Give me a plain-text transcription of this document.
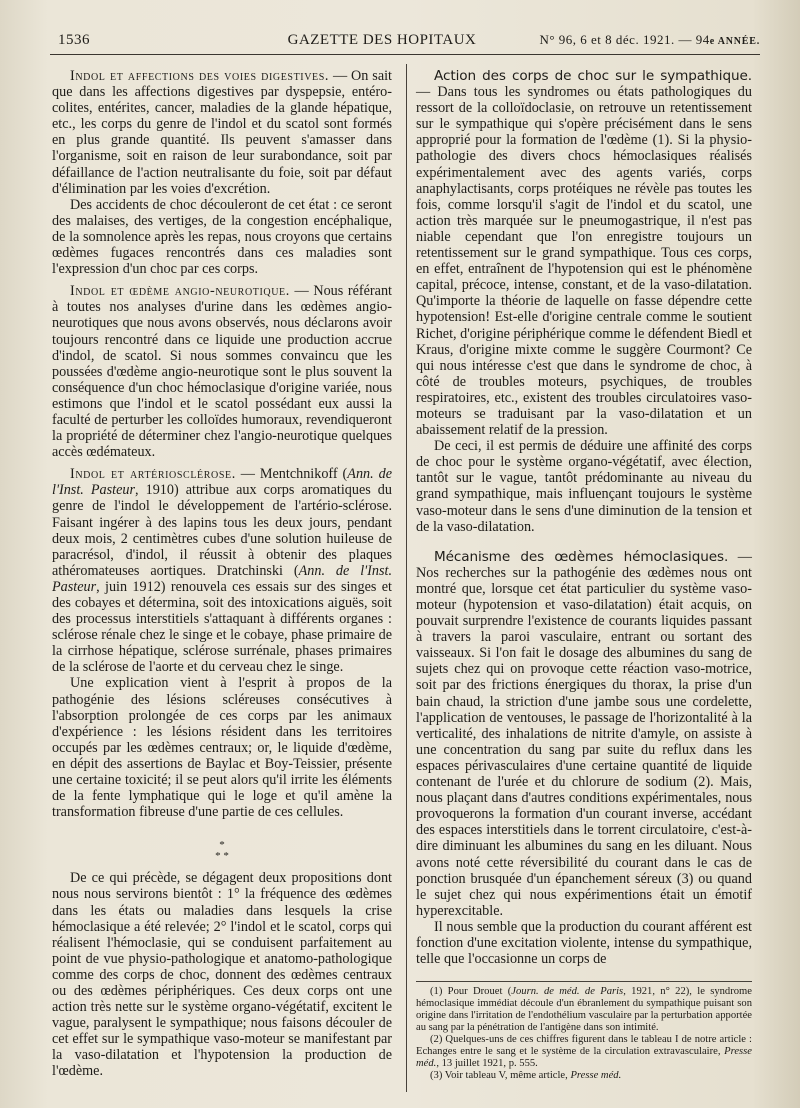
1536	GAZETTE DES HOPITAUX	N° 96, 6 et 8 déc. 1921. — 94e ANNÉE.

Indol et affections des voies digestives. — On sait que dans les affections digestives par dyspepsie, entéro-colites, entérites, cancer, maladies de la glande hépatique, etc., les corps du genre de l'indol et du scatol sont formés en plus grande quantité. Ils peuvent s'amasser dans l'organisme, soit en raison de leur surabondance, soit par défaillance de l'action neutralisante du foie, soit par défaut d'élimination par les voies d'excrétion.

Des accidents de choc découleront de cet état : ce seront des malaises, des vertiges, de la congestion encéphalique, de la somnolence après les repas, nous croyons que certains œdèmes fugaces rencontrés dans ces maladies sont l'expression d'un choc par ces corps.

Indol et œdème angio-neurotique. — Nous référant à toutes nos analyses d'urine dans les œdèmes angio-neurotiques que nous avons observés, nous déclarons avoir toujours rencontré dans ce liquide une production accrue d'indol, de scatol. Si nous sommes convaincu que les poussées d'œdème angio-neurotique sont le plus souvent la conséquence d'un choc hémoclasique d'origine variée, nous estimons que l'indol et le scatol possédant eux aussi la faculté de perturber les colloïdes humoraux, revendiqueront la propriété de déterminer chez l'angio-neurotique quelques accès œdémateux.

Indol et artériosclérose. — Mentchnikoff (Ann. de l'Inst. Pasteur, 1910) attribue aux corps aromatiques du genre de l'indol le développement de l'artério-sclérose. Faisant ingérer à des lapins tous les deux jours, pendant deux mois, 2 centimètres cubes d'une solution huileuse de paracrésol, d'indol, il réussit à obtenir des plaques athéromateuses aortiques. Dratchinski (Ann. de l'Inst. Pasteur, juin 1912) renouvela ces essais sur des singes et des cobayes et détermina, soit des intoxications aiguës, soit des processus interstitiels s'attaquant à différents organes : sclérose rénale chez le singe et le cobaye, phase primaire de la cirrhose hépatique, sclérose surrénale, phases primaires de la sclérose de l'aorte et du cerveau chez le singe.

Une explication vient à l'esprit à propos de la pathogénie des lésions scléreuses consécutives à l'absorption prolongée de ces corps par les animaux d'expérience : les lésions résident dans les territoires occupés par les œdèmes centraux; or, le liquide d'œdème, en dépit des assertions de Baylac et Boy-Teissier, présente une certaine toxicité; il se peut alors qu'il irrite les éléments de la fente lymphatique qui le loge et qu'il amène la transformation fibreuse d'une partie de ces cellules.

*
* *

De ce qui précède, se dégagent deux propositions dont nous nous servirons bientôt : 1° la fréquence des œdèmes dans les états ou maladies dans lesquels la crise hémoclasique a été relevée; 2° l'indol et le scatol, corps qui réalisent l'hémoclasie, qui se conduisent parfaitement au point de vue physio-pathologique et anatomo-pathologique comme des corps de choc, donnent des œdèmes centraux ou des œdèmes périphériques. Ces deux corps ont une action très nette sur le système organo-végétatif, excitent le vague, paralysent le sympathique; nous faisons découler de cet effet sur le sympathique vaso-moteur se manifestant par la vaso-dilatation et l'hypotension la production de l'œdème.

Action des corps de choc sur le sympathique. — Dans tous les syndromes ou états pathologiques du ressort de la colloïdoclasie, on retrouve un retentissement sur le sympathique qui s'opère précisément dans le sens approprié pour la formation de l'œdème (1). Si la physio-pathologie des divers chocs hémoclasiques réalisés expérimentalement avec des agents variés, corps anaphylactisants, corps protéiques ne révèle pas toutes les fois, comme lorsqu'il s'agit de l'indol et du scatol, une action très marquée sur le pneumogastrique, il n'est pas niable cependant que l'on enregistre toujours un retentissement sur le grand sympathique. Tous ces corps, en effet, entraînent de l'hypotension qui est le phénomène capital, précoce, intense, constant, et de la vaso-dilatation. Qu'importe la théorie de laquelle on fasse dépendre cette hypotension! Est-elle d'origine centrale comme le soutient Richet, d'origine périphérique comme le défendent Biedl et Kraus, d'origine mixte comme le suggère Courmont? Ce qui nous intéresse c'est que dans le syndrome de choc, à côté de troubles moteurs, psychiques, de troubles respiratoires, etc., existent des troubles circulatoires vaso-moteurs se traduisant par la vaso-dilatation et un abaissement relatif de la pression.

De ceci, il est permis de déduire une affinité des corps de choc pour le système organo-végétatif, avec élection, tantôt sur le vague, tantôt prédominante au niveau du grand sympathique, mais influençant toujours le système vaso-moteur dans le sens d'une diminution de la tension et de la vaso-dilatation.

Mécanisme des œdèmes hémoclasiques. — Nos recherches sur la pathogénie des œdèmes nous ont montré que, lorsque cet état particulier du système vaso-moteur (hypotension et vaso-dilatation) était acquis, on pouvait surprendre l'existence de courants liquides passant à travers la paroi vasculaire, entrant ou sortant des vaisseaux. Si l'on fait le dosage des albumines du sang de sujets chez qui on provoque cette réaction vaso-motrice, soit par des frictions énergiques du thorax, la prise d'un bain chaud, la striction d'une jambe sous une cordelette, l'application de ventouses, le passage de l'horizontalité à la verticalité, des inhalations de nitrite d'amyle, on assiste à une concentration du sang par suite du reflux dans les espaces périvasculaires d'une certaine quantité de liquide contenant de l'urée et du chlorure de sodium (2). Mais, nous plaçant dans d'autres conditions expérimentales, nous provoquerons la formation d'un courant inverse, accédant des espaces interstitiels dans le torrent circulatoire, c'est-à-dire diminuant les albumines du sang en les diluant. Nous avons noté cette réversibilité du courant dans le cas de ponction brusquée d'un épanchement séreux (3) ou quand le sujet chez qui nous expérimentions était un émotif hyperexcitable.

Il nous semble que la production du courant afférent est fonction d'une excitation violente, intense du sympathique, telle que l'occasionne un corps de

(1) Pour Drouet (Journ. de méd. de Paris, 1921, n° 22), le syndrome hémoclasique immédiat découle d'un ébranlement du sympathique puisant son origine dans l'irritation de l'endothélium vasculaire par la perturbation apportée au sang par la pénétration de l'antigène dans son intimité.

(2) Quelques-uns de ces chiffres figurent dans le tableau I de notre article : Echanges entre le sang et le système de la circulation extravasculaire, Presse méd., 13 juillet 1921, p. 555.

(3) Voir tableau V, même article, Presse méd.
